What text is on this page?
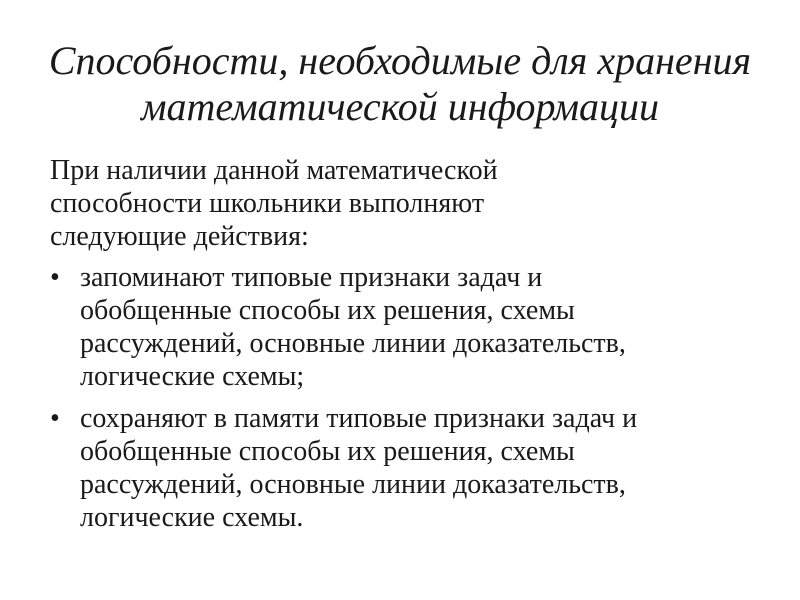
Способности, необходимые для хранения
математической информации

При наличии данной математической
способности школьники выполняют
следующие действия:

• запоминают типовые признаки задач и
обобщенные способы их решения, схемы
рассуждений, основные линии доказательств,
логические схемы;
• сохраняют в памяти типовые признаки задач и
обобщенные способы их решения, схемы
рассуждений, основные линии доказательств,
логические схемы.
